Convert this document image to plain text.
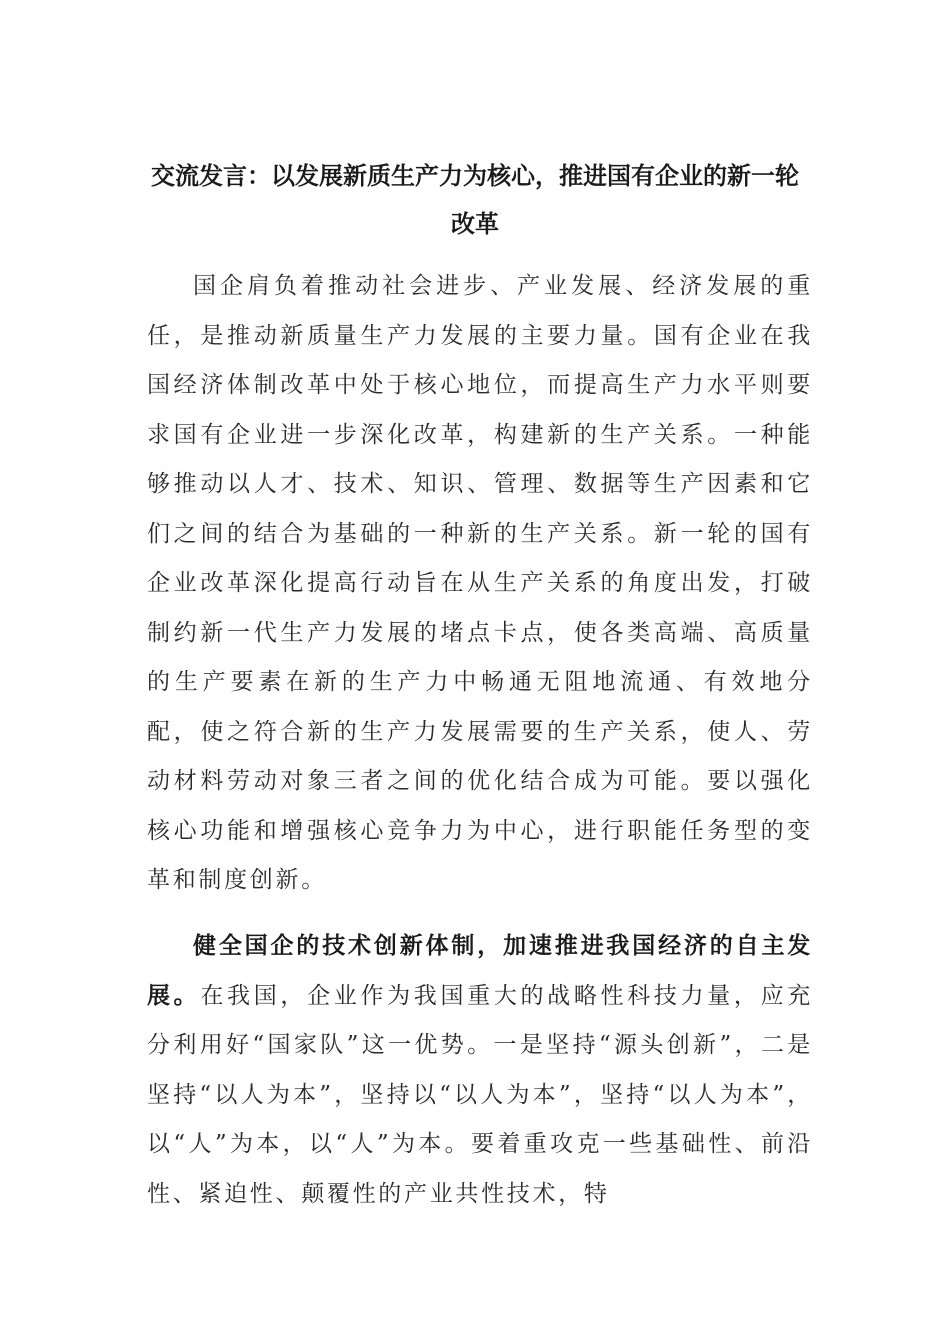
交流发言：以发展新质生产力为核心，推进国有企业的新一轮改革

国企肩负着推动社会进步、产业发展、经济发展的重任，是推动新质量生产力发展的主要力量。国有企业在我国经济体制改革中处于核心地位，而提高生产力水平则要求国有企业进一步深化改革，构建新的生产关系。一种能够推动以人才、技术、知识、管理、数据等生产因素和它们之间的结合为基础的一种新的生产关系。新一轮的国有企业改革深化提高行动旨在从生产关系的角度出发，打破制约新一代生产力发展的堵点卡点，使各类高端、高质量的生产要素在新的生产力中畅通无阻地流通、有效地分配，使之符合新的生产力发展需要的生产关系，使人、劳动材料劳动对象三者之间的优化结合成为可能。要以强化核心功能和增强核心竞争力为中心，进行职能任务型的变革和制度创新。

健全国企的技术创新体制，加速推进我国经济的自主发展。在我国，企业作为我国重大的战略性科技力量，应充分利用好“国家队”这一优势。一是坚持“源头创新”，二是坚持“以人为本”，坚持以“以人为本”，坚持“以人为本”，以“人”为本，以“人”为本。要着重攻克一些基础性、前沿性、紧迫性、颠覆性的产业共性技术，特
